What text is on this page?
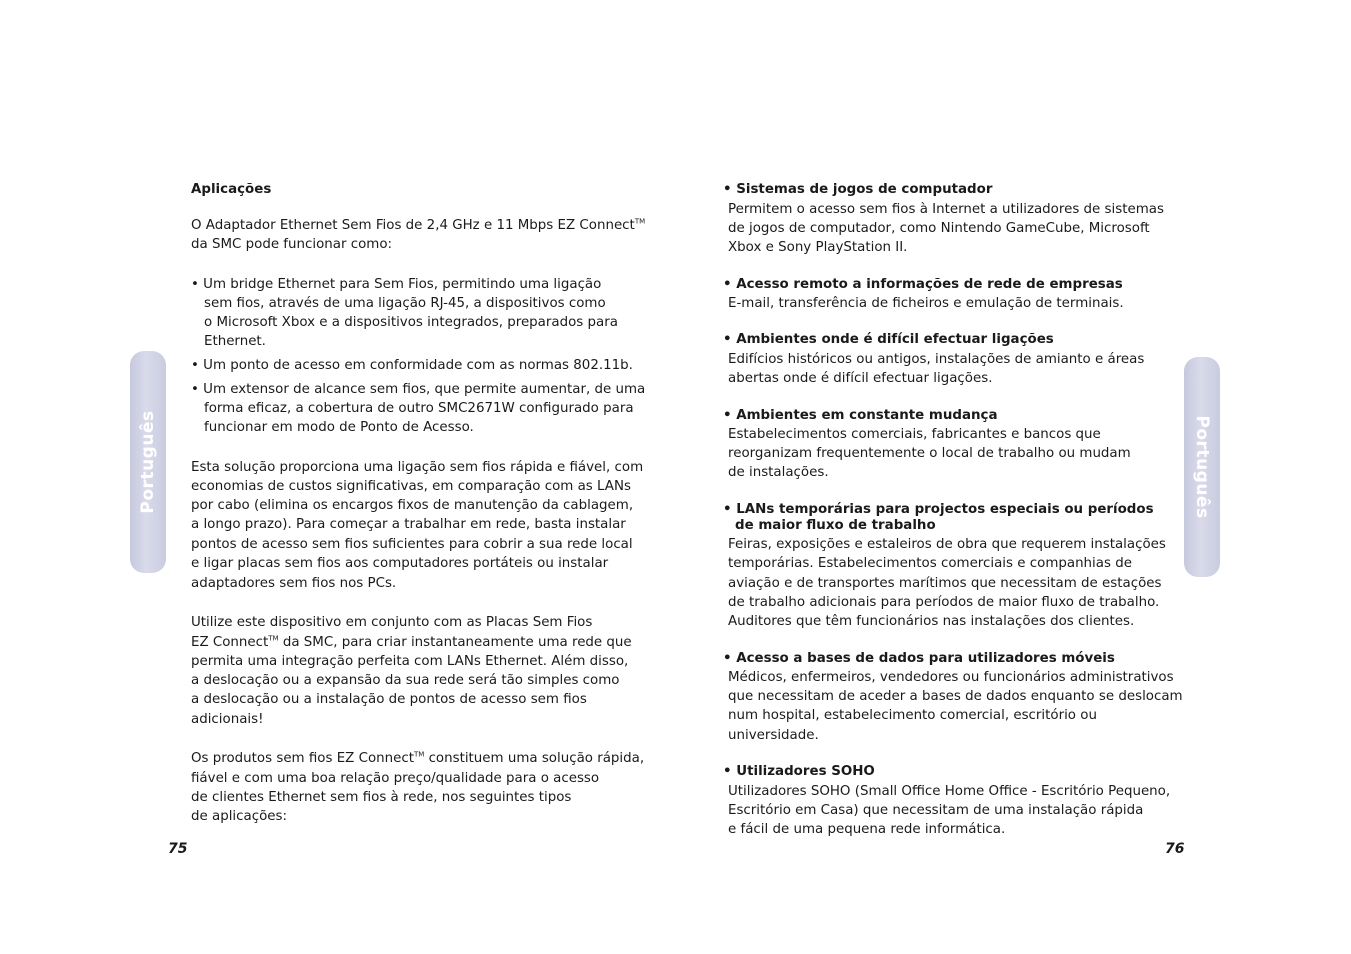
Aplicações
O Adaptador Ethernet Sem Fios de 2,4 GHz e 11 Mbps EZ Connect™
da SMC pode funcionar como:
• Um bridge Ethernet para Sem Fios, permitindo uma ligação
sem fios, através de uma ligação RJ-45, a dispositivos como
o Microsoft Xbox e a dispositivos integrados, preparados para
Ethernet.
• Um ponto de acesso em conformidade com as normas 802.11b.
• Um extensor de alcance sem fios, que permite aumentar, de uma
forma eficaz, a cobertura de outro SMC2671W configurado para
funcionar em modo de Ponto de Acesso.
Esta solução proporciona uma ligação sem fios rápida e fiável, com
economias de custos significativas, em comparação com as LANs
por cabo (elimina os encargos fixos de manutenção da cablagem,
a longo prazo). Para começar a trabalhar em rede, basta instalar
pontos de acesso sem fios suficientes para cobrir a sua rede local
e ligar placas sem fios aos computadores portáteis ou instalar
adaptadores sem fios nos PCs.
Utilize este dispositivo em conjunto com as Placas Sem Fios
EZ Connect™ da SMC, para criar instantaneamente uma rede que
permita uma integração perfeita com LANs Ethernet. Além disso,
a deslocação ou a expansão da sua rede será tão simples como
a deslocação ou a instalação de pontos de acesso sem fios
adicionais!
Os produtos sem fios EZ Connect™ constituem uma solução rápida,
fiável e com uma boa relação preço/qualidade para o acesso
de clientes Ethernet sem fios à rede, nos seguintes tipos
de aplicações:
75
Português
• Sistemas de jogos de computador
Permitem o acesso sem fios à Internet a utilizadores de sistemas
de jogos de computador, como Nintendo GameCube, Microsoft
Xbox e Sony PlayStation II.
• Acesso remoto a informações de rede de empresas
E-mail, transferência de ficheiros e emulação de terminais.
• Ambientes onde é difícil efectuar ligações
Edifícios históricos ou antigos, instalações de amianto e áreas
abertas onde é difícil efectuar ligações.
• Ambientes em constante mudança
Estabelecimentos comerciais, fabricantes e bancos que
reorganizam frequentemente o local de trabalho ou mudam
de instalações.
• LANs temporárias para projectos especiais ou períodos
de maior fluxo de trabalho
Feiras, exposições e estaleiros de obra que requerem instalações
temporárias. Estabelecimentos comerciais e companhias de
aviação e de transportes marítimos que necessitam de estações
de trabalho adicionais para períodos de maior fluxo de trabalho.
Auditores que têm funcionários nas instalações dos clientes.
• Acesso a bases de dados para utilizadores móveis
Médicos, enfermeiros, vendedores ou funcionários administrativos
que necessitam de aceder a bases de dados enquanto se deslocam
num hospital, estabelecimento comercial, escritório ou
universidade.
• Utilizadores SOHO
Utilizadores SOHO (Small Office Home Office - Escritório Pequeno,
Escritório em Casa) que necessitam de uma instalação rápida
e fácil de uma pequena rede informática.
76
Português
